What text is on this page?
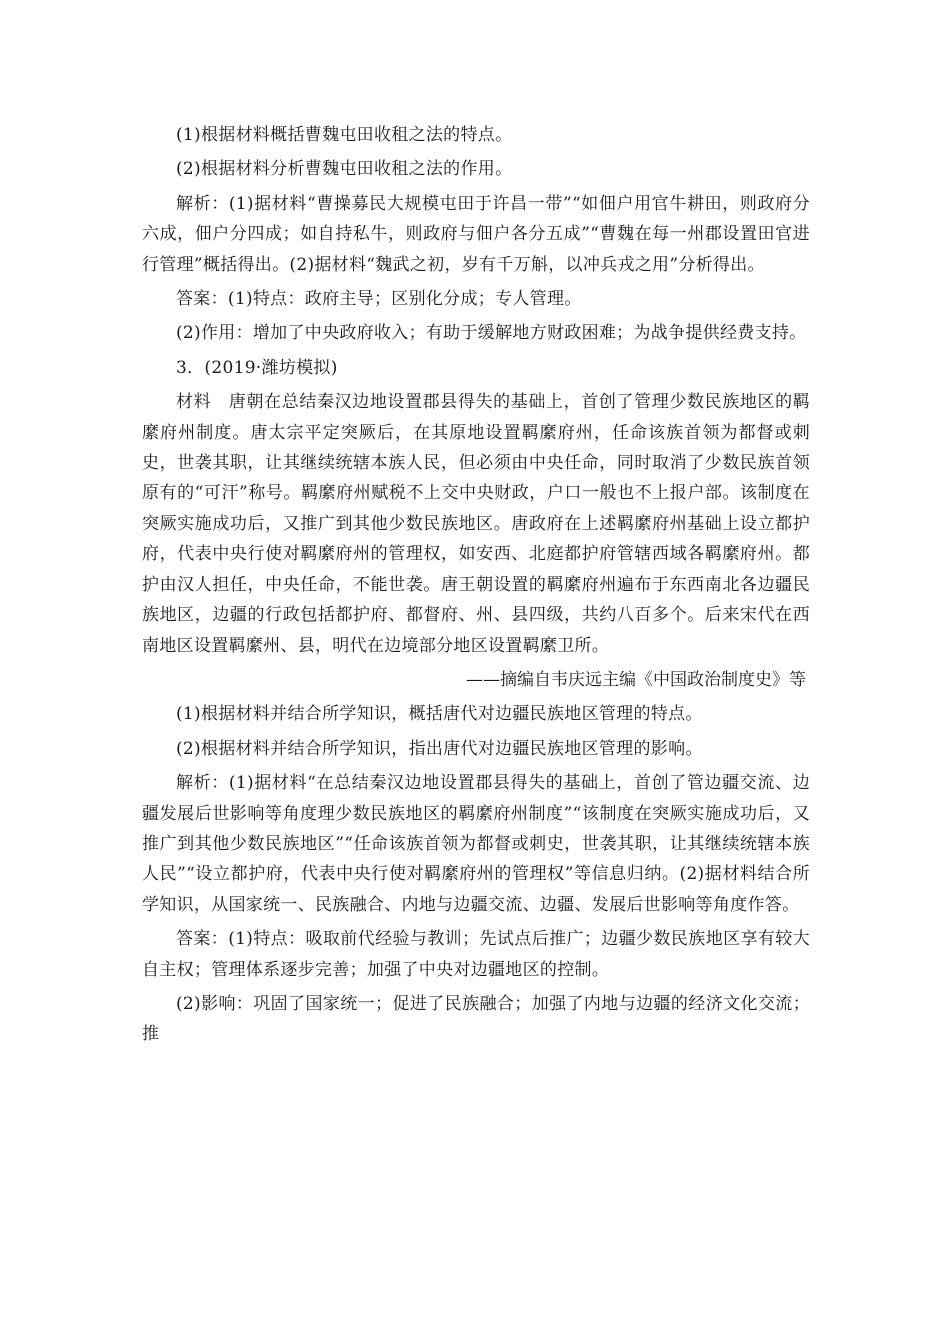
(1)根据材料概括曹魏屯田收租之法的特点。

(2)根据材料分析曹魏屯田收租之法的作用。

解析：(1)据材料“曹操募民大规模屯田于许昌一带”“如佃户用官牛耕田，则政府分六成，佃户分四成；如自持私牛，则政府与佃户各分五成”“曹魏在每一州郡设置田官进行管理”概括得出。(2)据材料“魏武之初，岁有千万斛，以冲兵戎之用”分析得出。

答案：(1)特点：政府主导；区别化分成；专人管理。

(2)作用：增加了中央政府收入；有助于缓解地方财政困难；为战争提供经费支持。

3．(2019·潍坊模拟)

材料　唐朝在总结秦汉边地设置郡县得失的基础上，首创了管理少数民族地区的羁縻府州制度。唐太宗平定突厥后，在其原地设置羁縻府州，任命该族首领为都督或刺史，世袭其职，让其继续统辖本族人民，但必须由中央任命，同时取消了少数民族首领原有的“可汗”称号。羁縻府州赋税不上交中央财政，户口一般也不上报户部。该制度在突厥实施成功后，又推广到其他少数民族地区。唐政府在上述羁縻府州基础上设立都护府，代表中央行使对羁縻府州的管理权，如安西、北庭都护府管辖西域各羁縻府州。都护由汉人担任，中央任命，不能世袭。唐王朝设置的羁縻府州遍布于东西南北各边疆民族地区，边疆的行政包括都护府、都督府、州、县四级，共约八百多个。后来宋代在西南地区设置羁縻州、县，明代在边境部分地区设置羁縻卫所。

——摘编自韦庆远主编《中国政治制度史》等

(1)根据材料并结合所学知识，概括唐代对边疆民族地区管理的特点。

(2)根据材料并结合所学知识，指出唐代对边疆民族地区管理的影响。

解析：(1)据材料“在总结秦汉边地设置郡县得失的基础上，首创了管边疆交流、边疆发展后世影响等角度理少数民族地区的羁縻府州制度”“该制度在突厥实施成功后，又推广到其他少数民族地区”“任命该族首领为都督或刺史，世袭其职，让其继续统辖本族人民”“设立都护府，代表中央行使对羁縻府州的管理权”等信息归纳。(2)据材料结合所学知识，从国家统一、民族融合、内地与边疆交流、边疆、发展后世影响等角度作答。

答案：(1)特点：吸取前代经验与教训；先试点后推广；边疆少数民族地区享有较大自主权；管理体系逐步完善；加强了中央对边疆地区的控制。

(2)影响：巩固了国家统一；促进了民族融合；加强了内地与边疆的经济文化交流；推
